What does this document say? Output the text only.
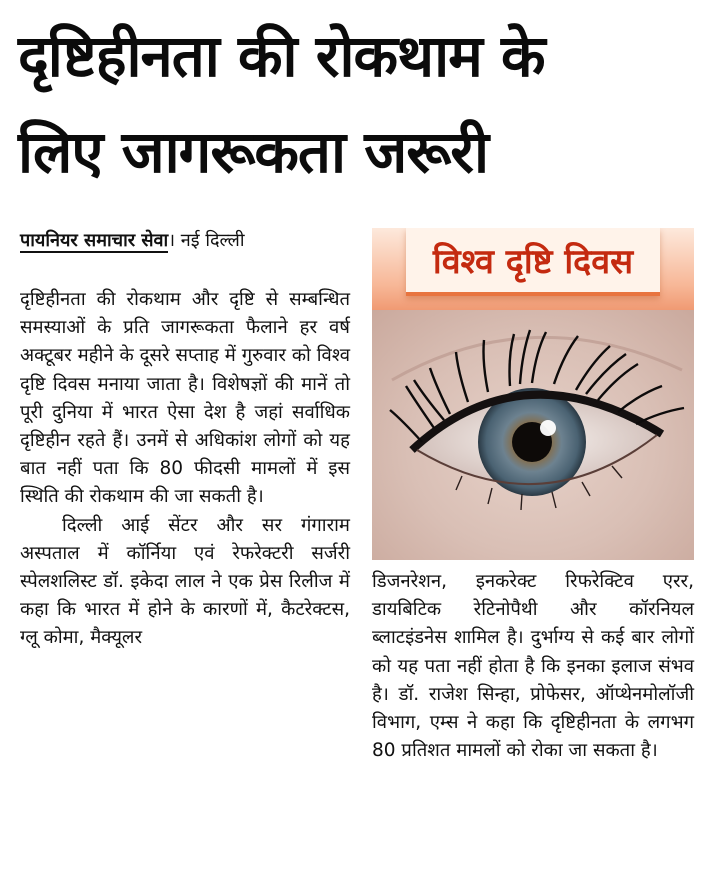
दृष्टिहीनता की रोकथाम के
लिए जागरूकता जरूरी
पायनियर समाचार सेवा। नई दिल्ली

दृष्टिहीनता की रोकथाम और दृष्टि से सम्बन्धित समस्याओं के प्रति जागरूकता फैलाने हर वर्ष अक्टूबर महीने के दूसरे सप्ताह में गुरुवार को विश्व दृष्टि दिवस मनाया जाता है। विशेषज्ञों की मानें तो पूरी दुनिया में भारत ऐसा देश है जहां सर्वाधिक दृष्टिहीन रहते हैं। उनमें से अधिकांश लोगों को यह बात नहीं पता कि 80 फीदसी मामलों में इस स्थिति की रोकथाम की जा सकती है।

दिल्ली आई सेंटर और सर गंगाराम अस्पताल में कॉर्निया एवं रेफरेक्टरी सर्जरी स्पेलशलिस्ट डॉ. इकेदा लाल ने एक प्रेस रिलीज में कहा कि भारत में होने के कारणों में, कैटरेक्टस, ग्लू कोमा, मैक्यूलर

विश्व दृष्टि दिवस

डिजनरेशन, इनकरेक्ट रिफरेक्टिव एरर, डायबिटिक रेटिनोपैथी और कॉरनियल ब्लाटइंडनेस शामिल है। दुर्भाग्य से कई बार लोगों को यह पता नहीं होता है कि इनका इलाज संभव है। डॉ. राजेश सिन्हा, प्रोफेसर, ऑप्थेनमोलॉजी विभाग, एम्स ने कहा कि दृष्टिहीनता के लगभग 80 प्रतिशत मामलों को रोका जा सकता है।
